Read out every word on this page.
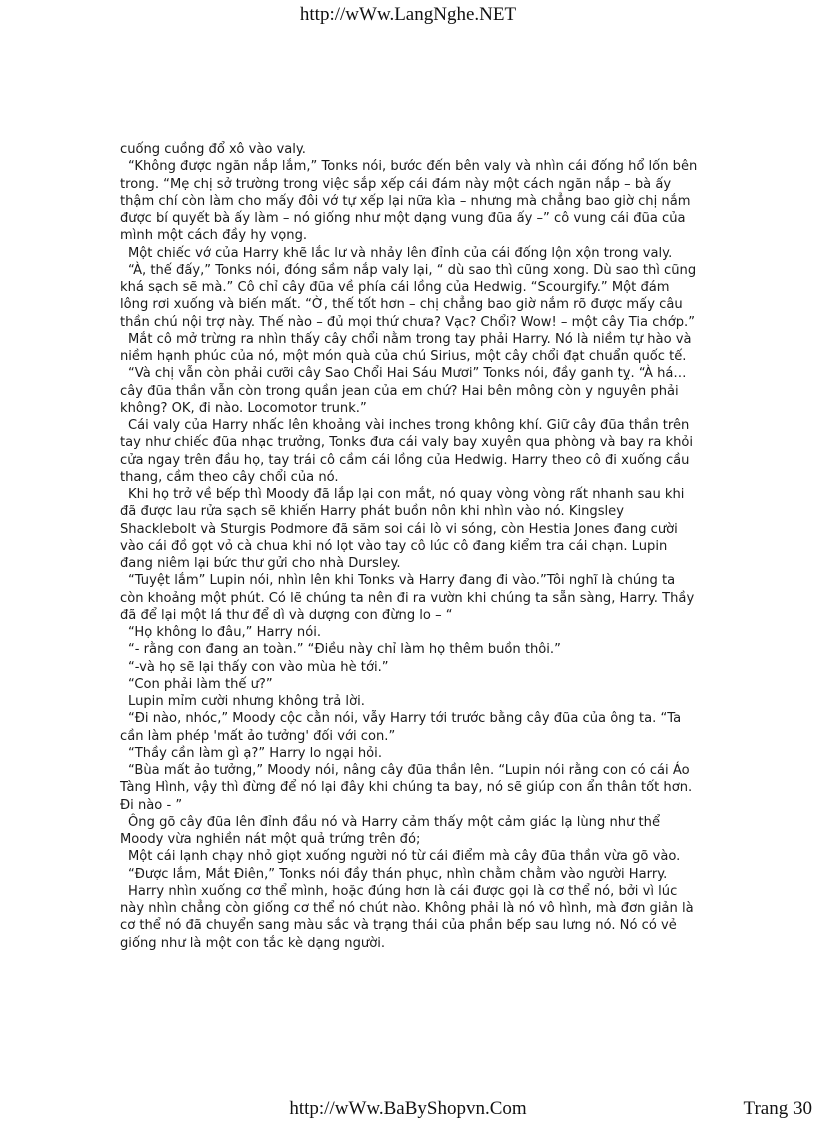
http://wWw.LangNghe.NET

cuống cuồng đổ xô vào valy.

“Không được ngăn nắp lắm,” Tonks nói, bước đến bên valy và nhìn cái đống hổ lốn bên trong. “Mẹ chị sở trường trong việc sắp xếp cái đám này một cách ngăn nắp – bà ấy thậm chí còn làm cho mấy đôi vớ tự xếp lại nữa kìa – nhưng mà chẳng bao giờ chị nắm được bí quyết bà ấy làm – nó giống như một dạng vung đũa ấy –” cô vung cái đũa của mình một cách đầy hy vọng.

Một chiếc vớ của Harry khẽ lắc lư và nhảy lên đỉnh của cái đống lộn xộn trong valy.

“À, thế đấy,” Tonks nói, đóng sầm nắp valy lại, “ dù sao thì cũng xong. Dù sao thì cũng khá sạch sẽ mà.” Cô chỉ cây đũa về phía cái lồng của Hedwig. “Scourgify.” Một đám lông rơi xuống và biến mất. “Ờ, thế tốt hơn – chị chẳng bao giờ nắm rõ được mấy câu thần chú nội trợ này. Thế nào – đủ mọi thứ chưa? Vạc? Chổi? Wow! – một cây Tia chớp.”

Mắt cô mở trừng ra nhìn thấy cây chổi nằm trong tay phải Harry. Nó là niềm tự hào và niềm hạnh phúc của nó, một món quà của chú Sirius, một cây chổi đạt chuẩn quốc tế.

“Và chị vẫn còn phải cưỡi cây Sao Chổi Hai Sáu Mươi” Tonks nói, đầy ganh tỵ. “À há… cây đũa thần vẫn còn trong quần jean của em chứ? Hai bên mông còn y nguyên phải không? OK, đi nào. Locomotor trunk.”

Cái valy của Harry nhấc lên khoảng vài inches trong không khí. Giữ cây đũa thần trên tay như chiếc đũa nhạc trưởng, Tonks đưa cái valy bay xuyên qua phòng và bay ra khỏi cửa ngay trên đầu họ, tay trái cô cầm cái lồng của Hedwig. Harry theo cô đi xuống cầu thang, cầm theo cây chổi của nó.

Khi họ trở về bếp thì Moody đã lắp lại con mắt, nó quay vòng vòng rất nhanh sau khi đã được lau rửa sạch sẽ khiến Harry phát buồn nôn khi nhìn vào nó. Kingsley Shacklebolt và Sturgis Podmore đã săm soi cái lò vi sóng, còn Hestia Jones đang cười vào cái đồ gọt vỏ cà chua khi nó lọt vào tay cô lúc cô đang kiểm tra cái chạn. Lupin đang niêm lại bức thư gửi cho nhà Dursley.

“Tuyệt lắm” Lupin nói, nhìn lên khi Tonks và Harry đang đi vào.”Tôi nghĩ là chúng ta còn khoảng một phút. Có lẽ chúng ta nên đi ra vườn khi chúng ta sẵn sàng, Harry. Thầy đã để lại một lá thư để dì và dượng con đừng lo – “

“Họ không lo đâu,” Harry nói.

“- rằng con đang an toàn.” “Điều này chỉ làm họ thêm buồn thôi.”

“-và họ sẽ lại thấy con vào mùa hè tới.”

“Con phải làm thế ư?”

Lupin mỉm cười nhưng không trả lời.

“Đi nào, nhóc,” Moody cộc cằn nói, vẫy Harry tới trước bằng cây đũa của ông ta. “Ta cần làm phép 'mất ảo tưởng' đối với con.”

“Thầy cần làm gì ạ?” Harry lo ngại hỏi.

“Bùa mất ảo tưởng,” Moody nói, nâng cây đũa thần lên. “Lupin nói rằng con có cái Áo Tàng Hình, vậy thì đừng để nó lại đây khi chúng ta bay, nó sẽ giúp con ẩn thân tốt hơn. Đi nào - ”

Ông gõ cây đũa lên đỉnh đầu nó và Harry cảm thấy một cảm giác lạ lùng như thể Moody vừa nghiền nát một quả trứng trên đó;

Một cái lạnh chạy nhỏ giọt xuống người nó từ cái điểm mà cây đũa thần vừa gõ vào.

“Được lắm, Mắt Điên,” Tonks nói đầy thán phục, nhìn chằm chằm vào người Harry.

Harry nhìn xuống cơ thể mình, hoặc đúng hơn là cái được gọi là cơ thể nó, bởi vì lúc này nhìn chẳng còn giống cơ thể nó chút nào. Không phải là nó vô hình, mà đơn giản là cơ thể nó đã chuyển sang màu sắc và trạng thái của phần bếp sau lưng nó. Nó có vẻ giống như là một con tắc kè dạng người.

http://wWw.BaByShopvn.Com	Trang 30
